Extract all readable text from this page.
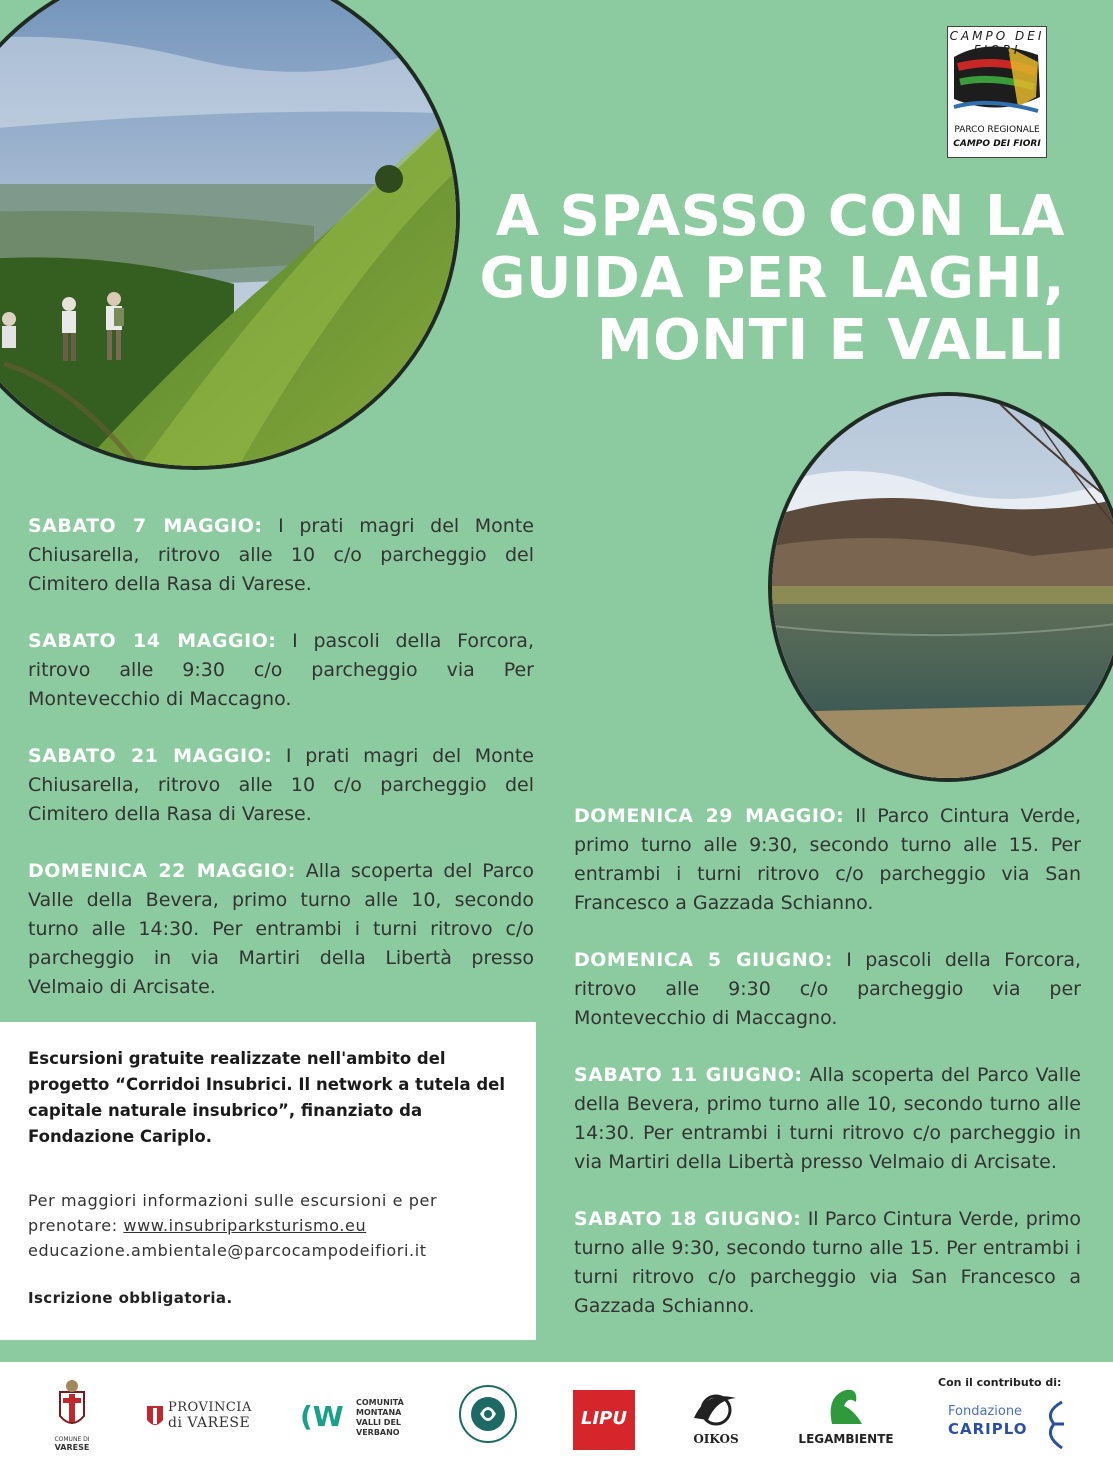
CAMPO DEI FIORI
PARCO REGIONALE
CAMPO DEI FIORI
A SPASSO CON LA
GUIDA PER LAGHI,
MONTI E VALLI

SABATO 7 MAGGIO: I prati magri del Monte Chiusarella, ritrovo alle 10 c/o parcheggio del Cimitero della Rasa di Varese.

SABATO 14 MAGGIO: I pascoli della Forcora, ritrovo alle 9:30 c/o parcheggio via Per Montevecchio di Maccagno.

SABATO 21 MAGGIO: I prati magri del Monte Chiusarella, ritrovo alle 10 c/o parcheggio del Cimitero della Rasa di Varese.

DOMENICA 22 MAGGIO: Alla scoperta del Parco Valle della Bevera, primo turno alle 10, secondo turno alle 14:30. Per entrambi i turni ritrovo c/o parcheggio in via Martiri della Libertà presso Velmaio di Arcisate.

DOMENICA 29 MAGGIO: Il Parco Cintura Verde, primo turno alle 9:30, secondo turno alle 15. Per entrambi i turni ritrovo c/o parcheggio via San Francesco a Gazzada Schianno.

DOMENICA 5 GIUGNO: I pascoli della Forcora, ritrovo alle 9:30 c/o parcheggio via per Montevecchio di Maccagno.

SABATO 11 GIUGNO: Alla scoperta del Parco Valle della Bevera, primo turno alle 10, secondo turno alle 14:30. Per entrambi i turni ritrovo c/o parcheggio in via Martiri della Libertà presso Velmaio di Arcisate.

SABATO 18 GIUGNO: Il Parco Cintura Verde, primo turno alle 9:30, secondo turno alle 15. Per entrambi i turni ritrovo c/o parcheggio via San Francesco a Gazzada Schianno.

Escursioni gratuite realizzate nell'ambito del progetto “Corridoi Insubrici. Il network a tutela del capitale naturale insubrico”, finanziato da Fondazione Cariplo.
Per maggiori informazioni sulle escursioni e per prenotare: www.insubriparksturismo.eu
educazione.ambientale@parcocampodeifiori.it
Iscrizione obbligatoria.
Con il contributo di:
COMUNE DI
VARESE
PROVINCIA
di VARESE (W COMUNITÀ
MONTANA
VALLI DEL
VERBANO
LIPU
OIKOS	LEGAMBIENTE
Fondazione
CARIPLO
